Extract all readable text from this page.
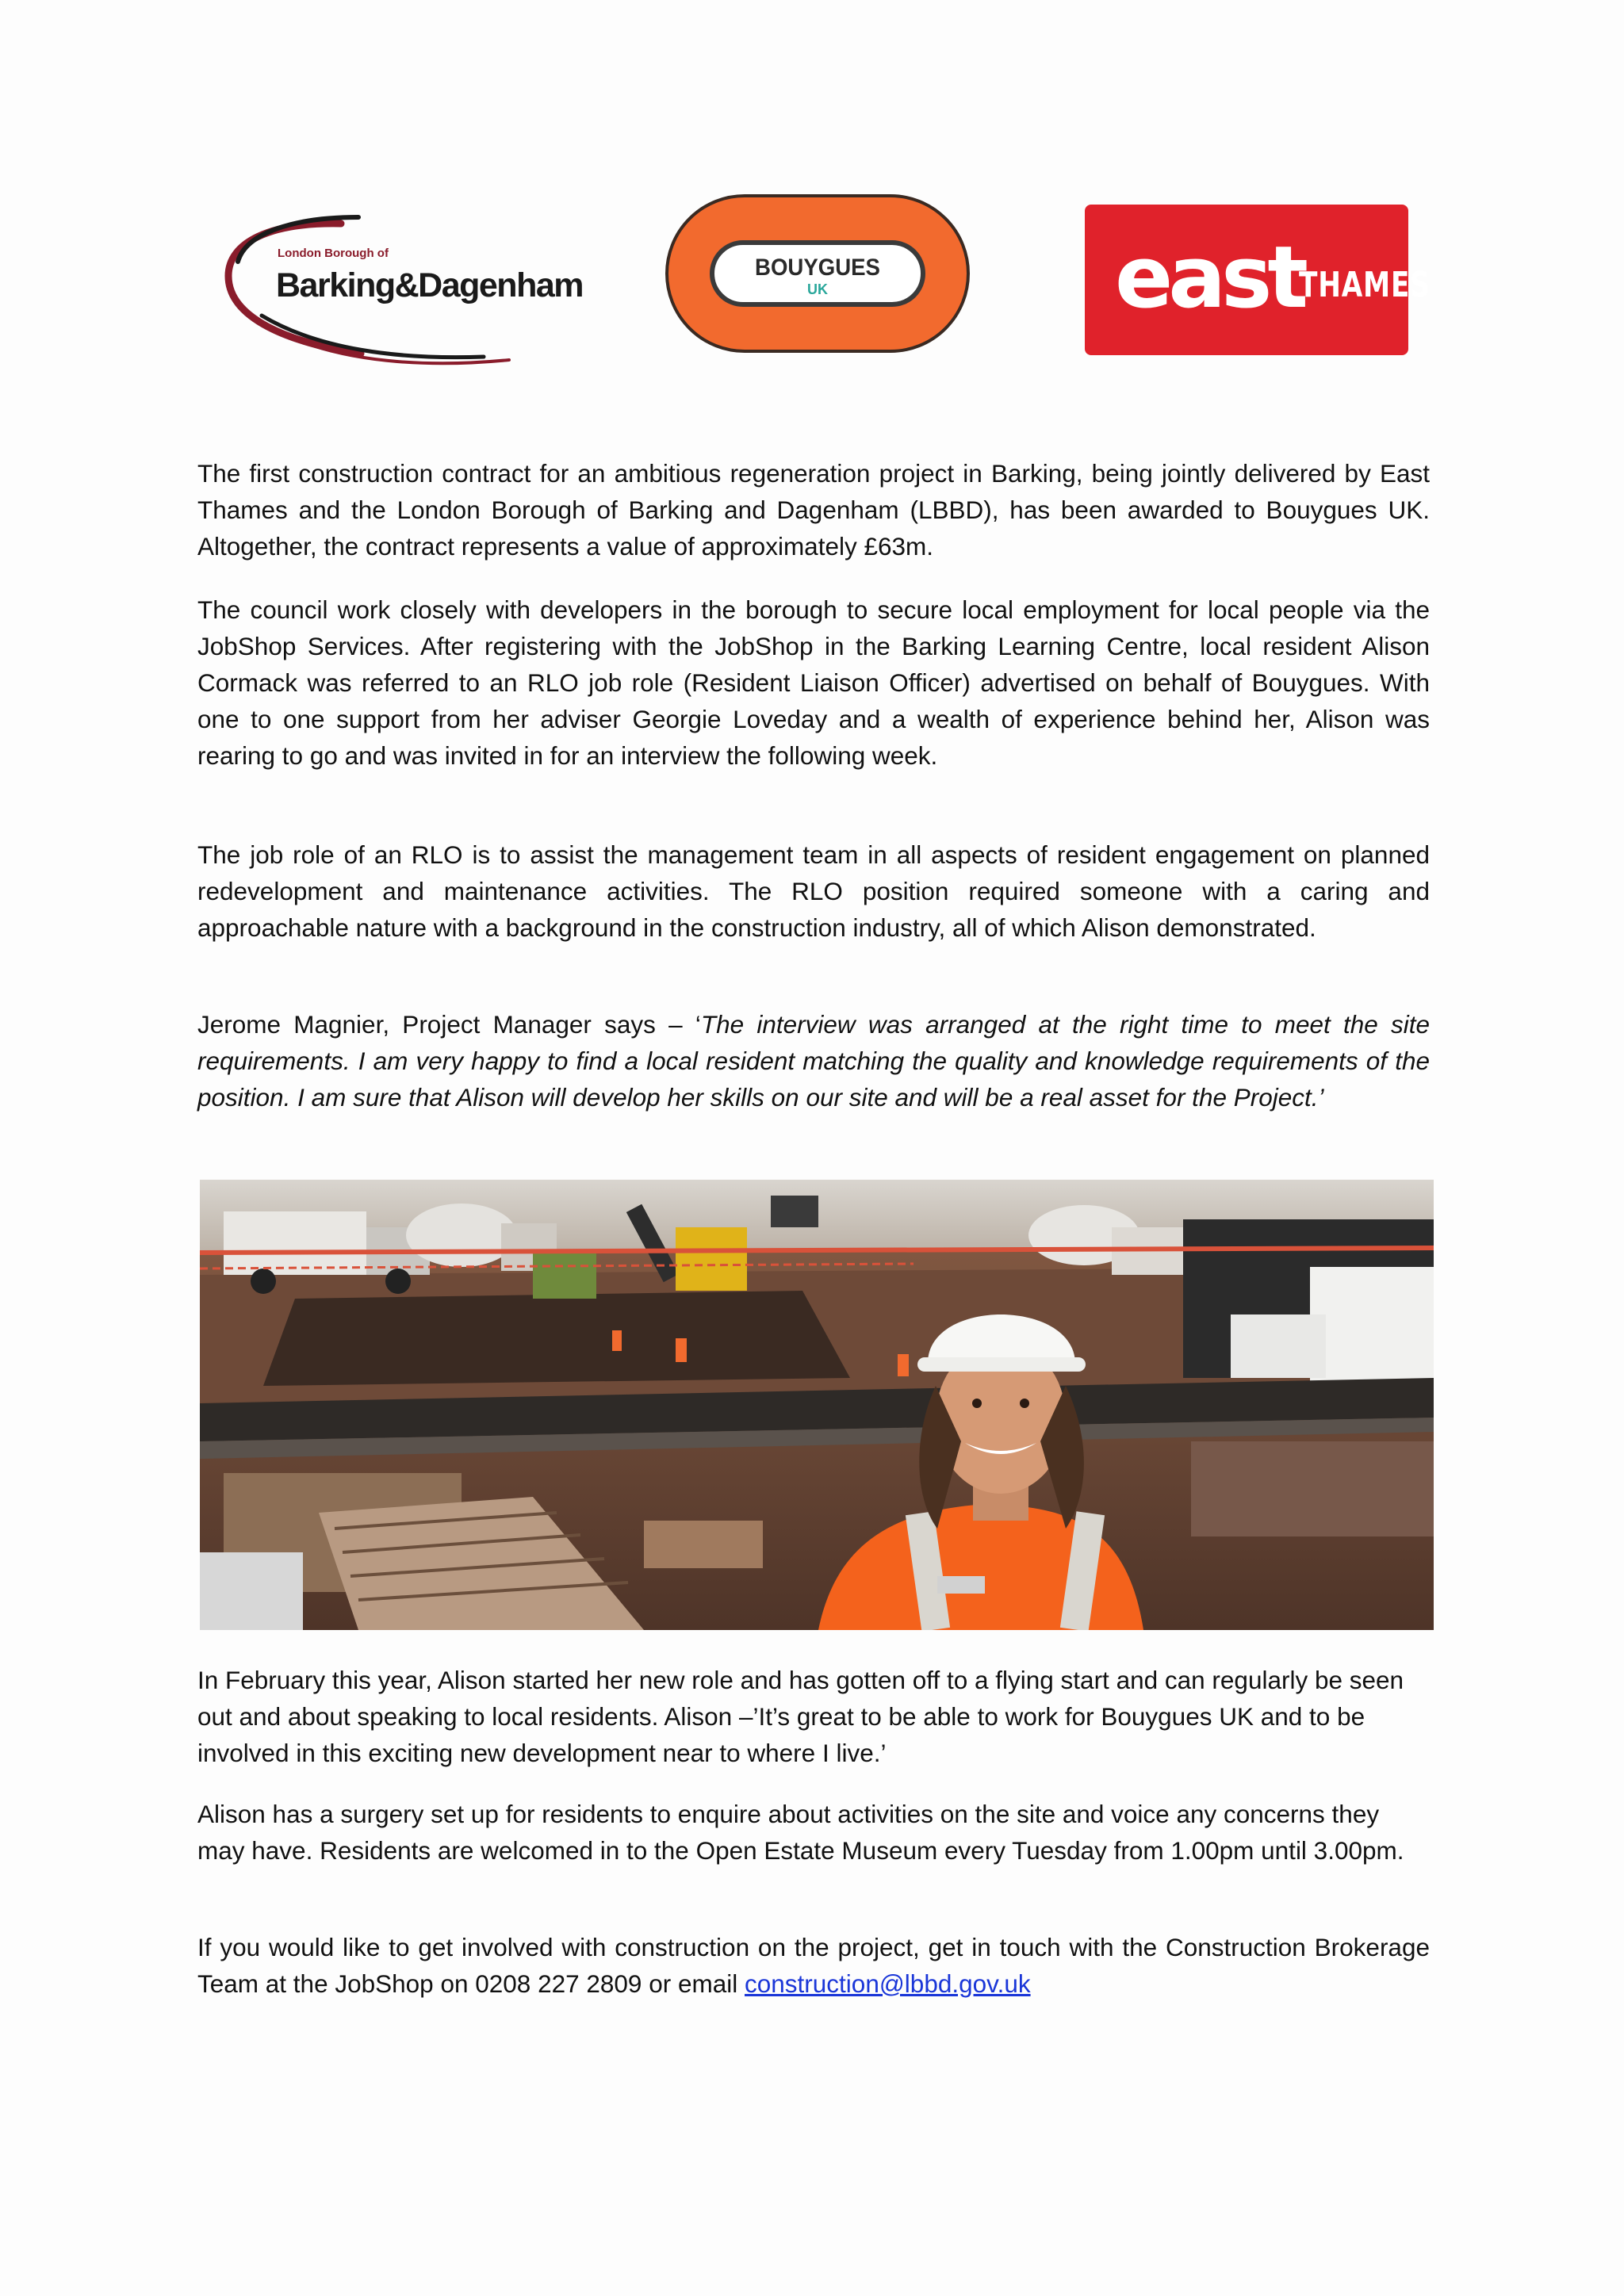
London Borough of
Barking&Dagenham	BOUYGUES
UK	east
THAMES

The first construction contract for an ambitious regeneration project in Barking, being jointly delivered by East Thames and the London Borough of Barking and Dagenham (LBBD), has been awarded to Bouygues UK. Altogether, the contract represents a value of approximately £63m.

The council work closely with developers in the borough to secure local employment for local people via the JobShop Services. After registering with the JobShop in the Barking Learning Centre, local resident Alison Cormack was referred to an RLO job role (Resident Liaison Officer) advertised on behalf of Bouygues. With one to one support from her adviser Georgie Loveday and a wealth of experience behind her, Alison was rearing to go and was invited in for an interview the following week.

The job role of an RLO is to assist the management team in all aspects of resident engagement on planned redevelopment and maintenance activities. The RLO position required someone with a caring and approachable nature with a background in the construction industry, all of which Alison demonstrated.

Jerome Magnier, Project Manager says – ‘The interview was arranged at the right time to meet the site requirements. I am very happy to find a local resident matching the quality and knowledge requirements of the position. I am sure that Alison will develop her skills on our site and will be a real asset for the Project.’

In February this year, Alison started her new role and has gotten off to a flying start and can regularly be seen out and about speaking to local residents. Alison –’It’s great to be able to work for Bouygues UK and to be involved in this exciting new development near to where I live.’

Alison has a surgery set up for residents to enquire about activities on the site and voice any concerns they may have. Residents are welcomed in to the Open Estate Museum every Tuesday from 1.00pm until 3.00pm.

If you would like to get involved with construction on the project, get in touch with the Construction Brokerage Team at the JobShop on 0208 227 2809 or email construction@lbbd.gov.uk
